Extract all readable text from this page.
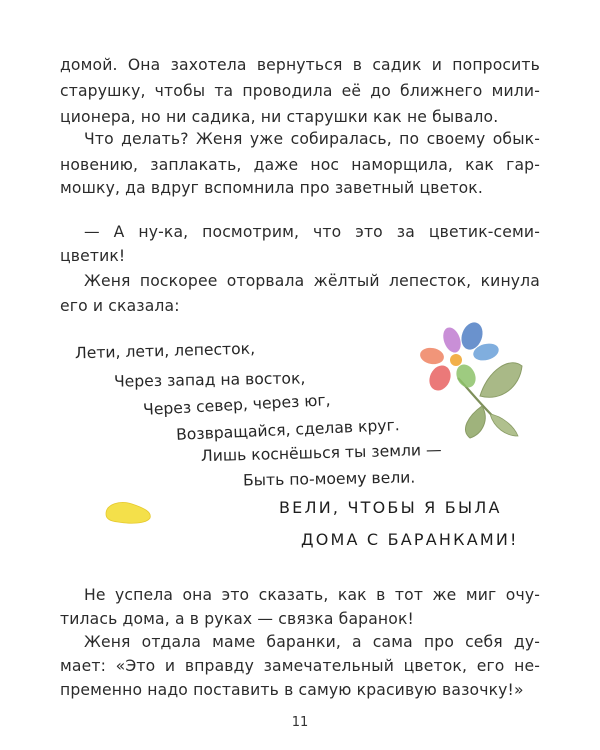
домой. Она захотела вернуться в садик и попросить
старушку, чтобы та проводила её до ближнего мили-
ционера, но ни садика, ни старушки как не бывало.
Что делать? Женя уже собиралась, по своему обык-
новению, заплакать, даже нос наморщила, как гар-
мошку, да вдруг вспомнила про заветный цветок.
— А ну-ка, посмотрим, что это за цветик-семи-
цветик!
Женя поскорее оторвала жёлтый лепесток, кинула
его и сказала:
Лети, лети, лепесток,
Через запад на восток,
Через север, через юг,
Возвращайся, сделав круг.
Лишь коснёшься ты земли —
Быть по-моему вели.
ВЕЛИ, ЧТОБЫ Я БЫЛА
ДОМА С БАРАНКАМИ!
Не успела она это сказать, как в тот же миг очу-
тилась дома, а в руках — связка баранок!
Женя отдала маме баранки, а сама про себя ду-
мает: «Это и вправду замечательный цветок, его не-
пременно надо поставить в самую красивую вазочку!»
11
